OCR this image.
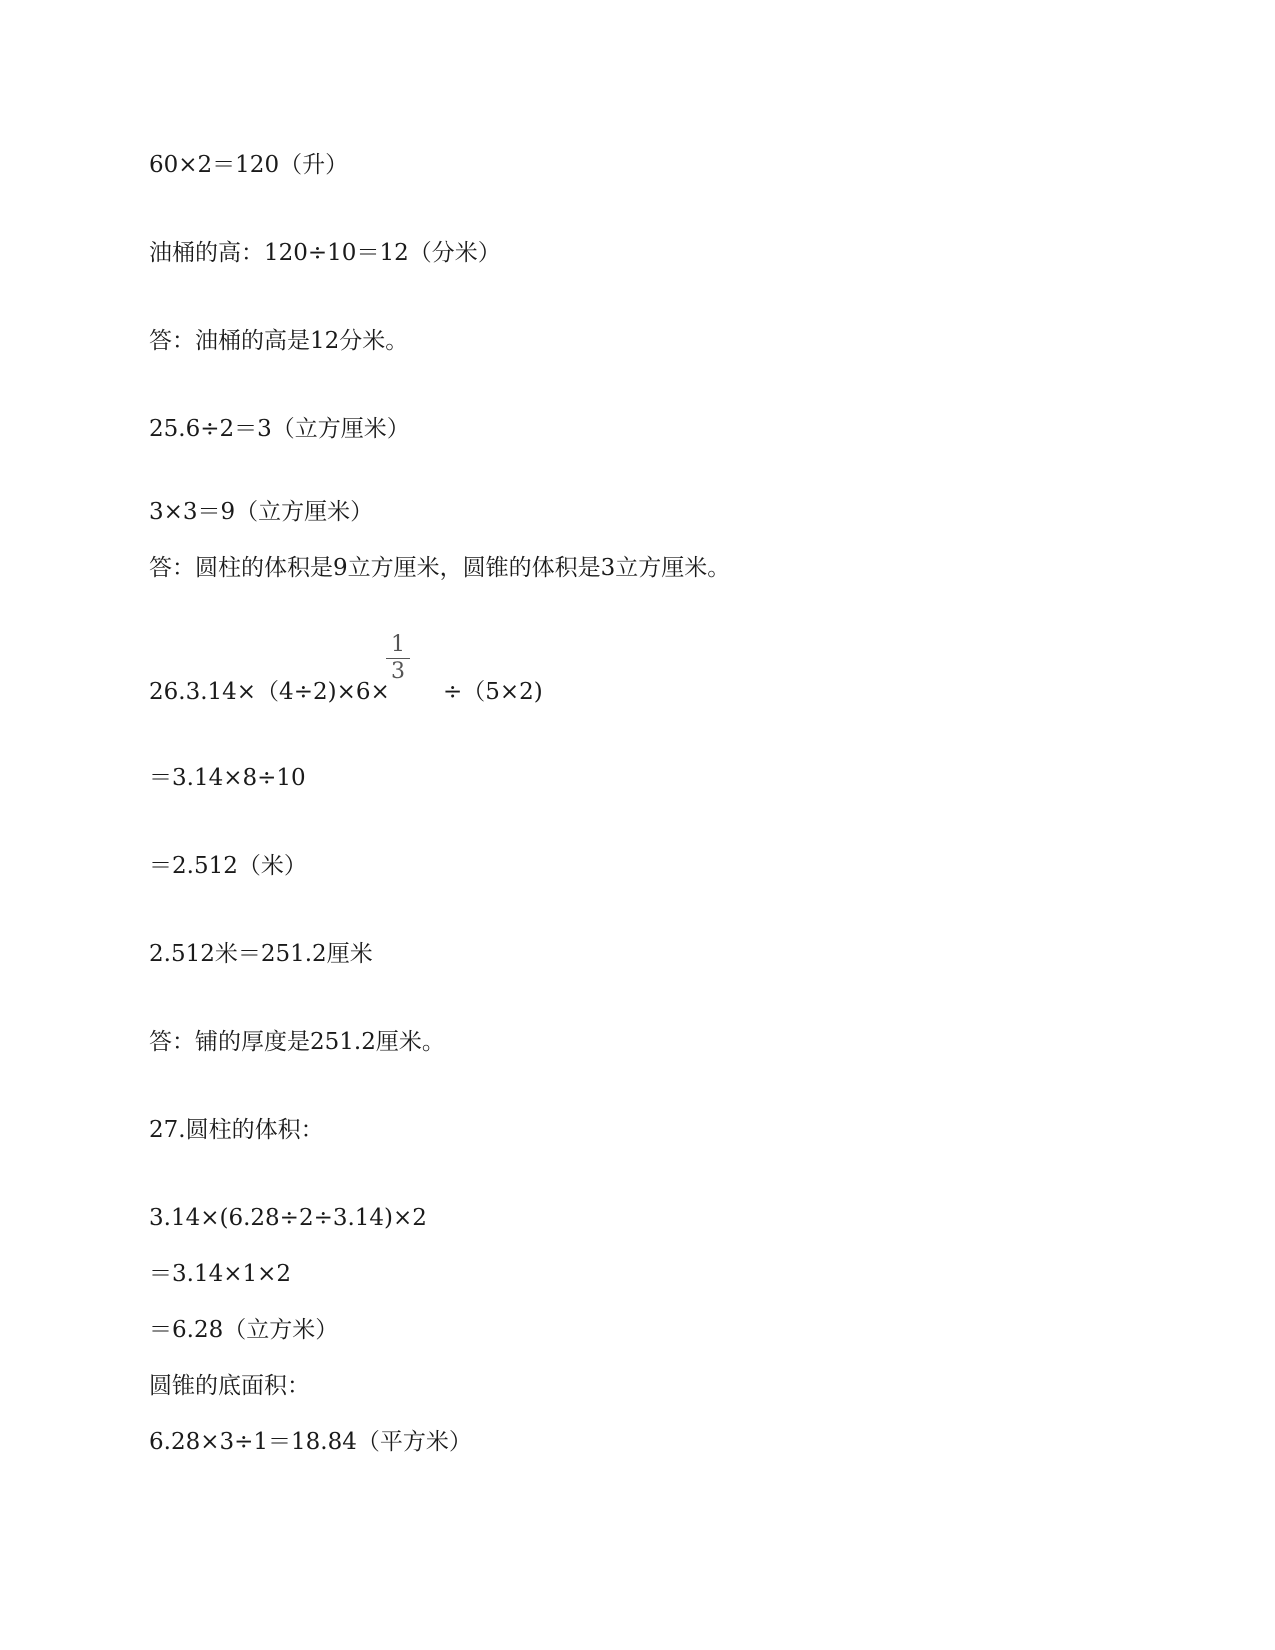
60×2＝120（升）
油桶的高：120÷10＝12（分米）
答：油桶的高是12分米。
25.6÷2＝3（立方厘米）
3×3＝9（立方厘米）
答：圆柱的体积是9立方厘米，圆锥的体积是3立方厘米。
26.3.14×（4÷2)×6×
1
3
÷（5×2)
＝3.14×8÷10
＝2.512（米）
2.512米＝251.2厘米
答：铺的厚度是251.2厘米。
27.圆柱的体积：
3.14×(6.28÷2÷3.14)×2
＝3.14×1×2
＝6.28（立方米）
圆锥的底面积：
6.28×3÷1＝18.84（平方米）
